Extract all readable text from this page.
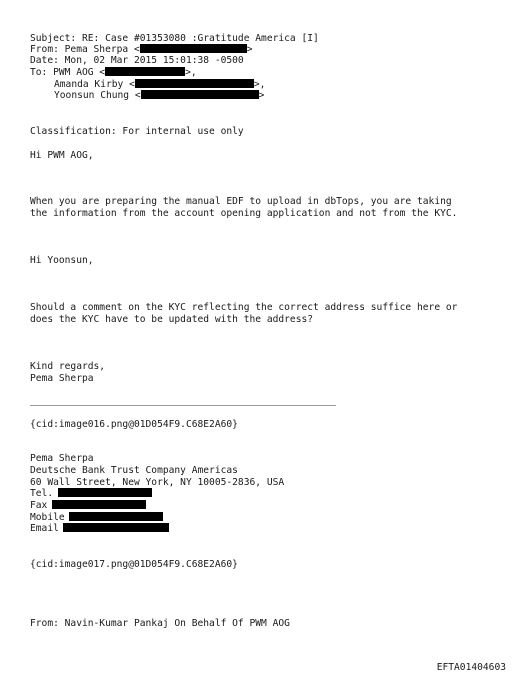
Subject: RE: Case #01353080 :Gratitude America [I]
From: Pema Sherpa <	>
Date: Mon, 02 Mar 2015 15:01:38 -0500
To: PWM AOG <	>,
Amanda Kirby <	>,
Yoonsun Chung <	>
Classification: For internal use only
Hi PWM AOG,
When you are preparing the manual EDF to upload in dbTops, you are taking
the information from the account opening application and not from the KYC.
Hi Yoonsun,
Should a comment on the KYC reflecting the correct address suffice here or
does the KYC have to be updated with the address?
Kind regards,
Pema Sherpa
{cid:image016.png@01D054F9.C68E2A60}
Pema Sherpa
Deutsche Bank Trust Company Americas
60 Wall Street, New York, NY 10005-2836, USA
Tel.
Fax
Mobile
Email
{cid:image017.png@01D054F9.C68E2A60}
From: Navin-Kumar Pankaj On Behalf Of PWM AOG
EFTA01404603
